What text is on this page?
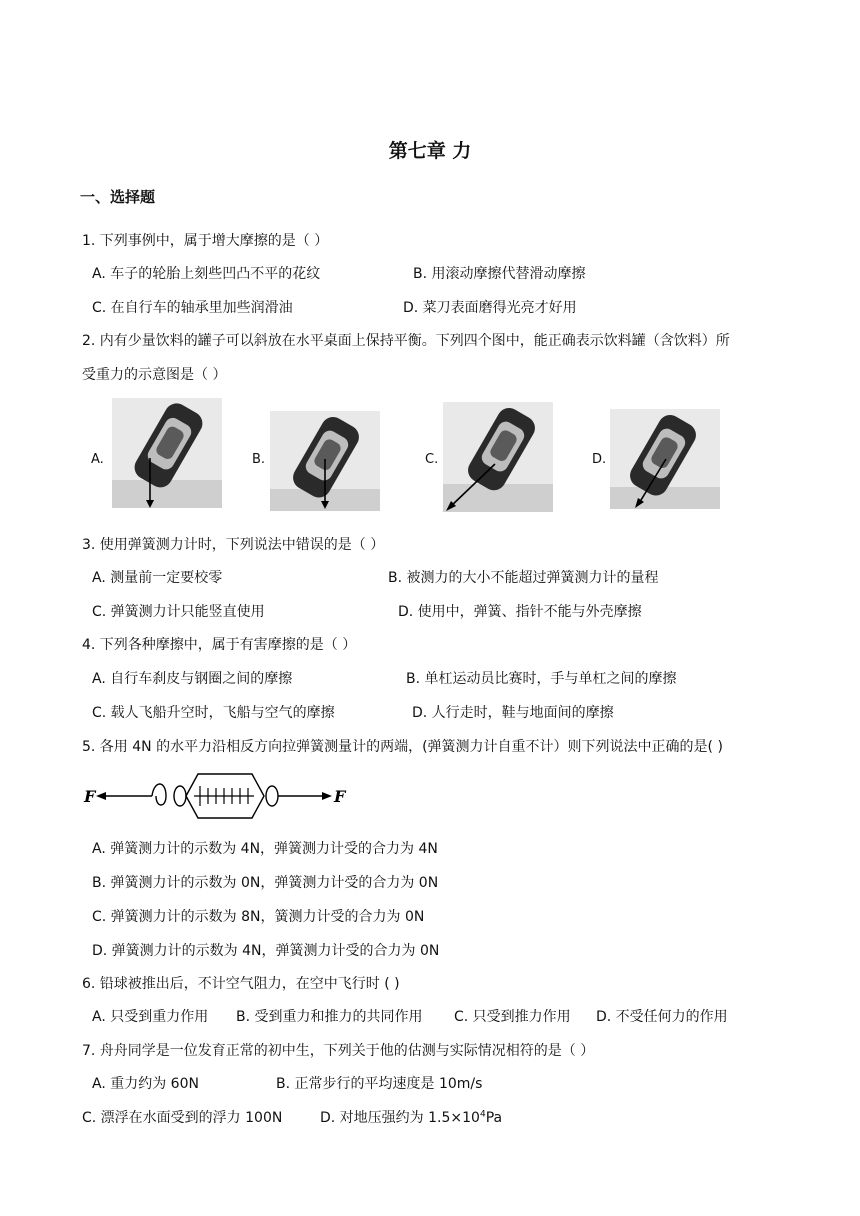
第七章 力
一、选择题
1. 下列事例中，属于增大摩擦的是（ ）
A. 车子的轮胎上刻些凹凸不平的花纹	B. 用滚动摩擦代替滑动摩擦
C. 在自行车的轴承里加些润滑油	D. 菜刀表面磨得光亮才好用
2. 内有少量饮料的罐子可以斜放在水平桌面上保持平衡。下列四个图中，能正确表示饮料罐（含饮料）所
受重力的示意图是（ ）
A.	B.	C.	D.
3. 使用弹簧测力计时，下列说法中错误的是（ ）
A. 测量前一定要校零	B. 被测力的大小不能超过弹簧测力计的量程
C. 弹簧测力计只能竖直使用	D. 使用中，弹簧、指针不能与外壳摩擦
4. 下列各种摩擦中，属于有害摩擦的是（ ）
A. 自行车刹皮与钢圈之间的摩擦	B. 单杠运动员比赛时，手与单杠之间的摩擦
C. 载人飞船升空时，飞船与空气的摩擦	D. 人行走时，鞋与地面间的摩擦
5. 各用 4N 的水平力沿相反方向拉弹簧测量计的两端，(弹簧测力计自重不计）则下列说法中正确的是( )
F	F
A. 弹簧测力计的示数为 4N，弹簧测力计受的合力为 4N
B. 弹簧测力计的示数为 0N，弹簧测力计受的合力为 0N
C. 弹簧测力计的示数为 8N，簧测力计受的合力为 0N
D. 弹簧测力计的示数为 4N，弹簧测力计受的合力为 0N
6. 铅球被推出后，不计空气阻力，在空中飞行时 ( )
A. 只受到重力作用 B. 受到重力和推力的共同作用 C. 只受到推力作用 D. 不受任何力的作用
7. 舟舟同学是一位发育正常的初中生，下列关于他的估测与实际情况相符的是（ ）
A. 重力约为 60N	B. 正常步行的平均速度是 10m/s
C. 漂浮在水面受到的浮力 100N	D. 对地压强约为 $1.5\times 10^4Pa$
